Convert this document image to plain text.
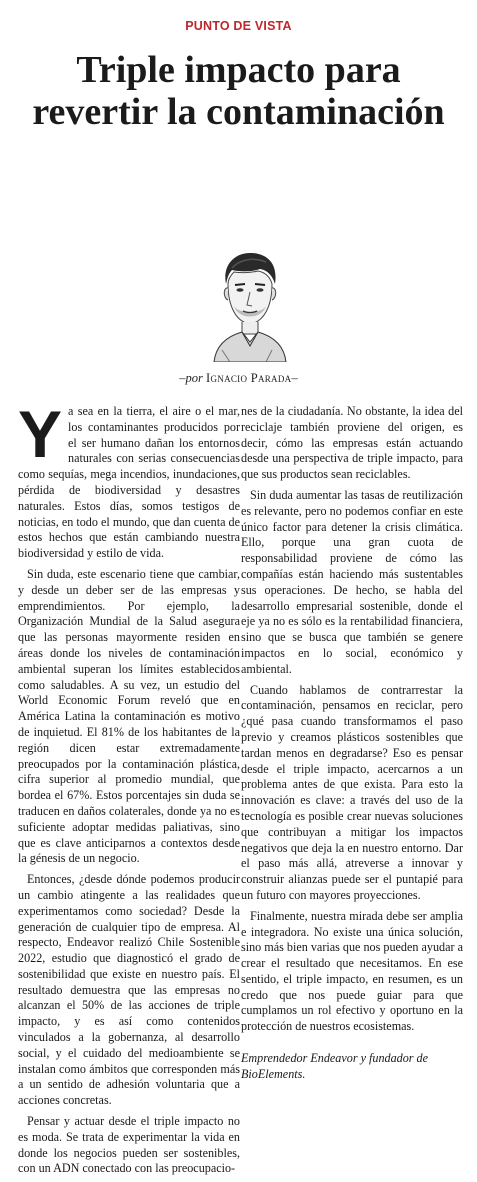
PUNTO DE VISTA
Triple impacto para revertir la contaminación
–por Ignacio Parada–

Ya sea en la tierra, el aire o el mar, los contaminantes producidos por el ser humano dañan los entornos naturales con serias consecuencias como sequías, mega incendios, inundaciones, pérdida de biodiversidad y desastres naturales. Estos días, somos testigos de noticias, en todo el mundo, que dan cuenta de estos hechos que están cambiando nuestra biodiversidad y estilo de vida.

Sin duda, este escenario tiene que cambiar, y desde un deber ser de las empresas y emprendimientos. Por ejemplo, la Organización Mundial de la Salud asegura que las personas mayormente residen en áreas donde los niveles de contaminación ambiental superan los límites establecidos como saludables. A su vez, un estudio del World Economic Forum reveló que en América Latina la contaminación es motivo de inquietud. El 81% de los habitantes de la región dicen estar extremadamente preocupados por la contaminación plástica, cifra superior al promedio mundial, que bordea el 67%. Estos porcentajes sin duda se traducen en daños colaterales, donde ya no es suficiente adoptar medidas paliativas, sino que es clave anticiparnos a contextos desde la génesis de un negocio.

Entonces, ¿desde dónde podemos producir un cambio atingente a las realidades que experimentamos como sociedad? Desde la generación de cualquier tipo de empresa. Al respecto, Endeavor realizó Chile Sostenible 2022, estudio que diagnosticó el grado de sostenibilidad que existe en nuestro país. El resultado demuestra que las empresas no alcanzan el 50% de las acciones de triple impacto, y es así como contenidos vinculados a la gobernanza, al desarrollo social, y el cuidado del medioambiente se instalan como ámbitos que corresponden más a un sentido de adhesión voluntaria que a acciones concretas.

Pensar y actuar desde el triple impacto no es moda. Se trata de experimentar la vida en donde los negocios pueden ser sostenibles, con un ADN conectado con las preocupacio-

nes de la ciudadanía. No obstante, la idea del reciclaje también proviene del origen, es decir, cómo las empresas están actuando desde una perspectiva de triple impacto, para que sus productos sean reciclables.

Sin duda aumentar las tasas de reutilización es relevante, pero no podemos confiar en este único factor para detener la crisis climática. Ello, porque una gran cuota de responsabilidad proviene de cómo las compañías están haciendo más sustentables sus operaciones. De hecho, se habla del desarrollo empresarial sostenible, donde el eje ya no es sólo es la rentabilidad financiera, sino que se busca que también se genere impactos en lo social, económico y ambiental.

Cuando hablamos de contrarrestar la contaminación, pensamos en reciclar, pero ¿qué pasa cuando transformamos el paso previo y creamos plásticos sostenibles que tardan menos en degradarse? Eso es pensar desde el triple impacto, acercarnos a un problema antes de que exista. Para esto la innovación es clave: a través del uso de la tecnología es posible crear nuevas soluciones que contribuyan a mitigar los impactos negativos que deja la en nuestro entorno. Dar el paso más allá, atreverse a innovar y construir alianzas puede ser el puntapié para un futuro con mayores proyecciones.

Finalmente, nuestra mirada debe ser amplia e integradora. No existe una única solución, sino más bien varias que nos pueden ayudar a crear el resultado que necesitamos. En ese sentido, el triple impacto, en resumen, es un credo que nos puede guiar para que cumplamos un rol efectivo y oportuno en la protección de nuestros ecosistemas.

Emprendedor Endeavor y fundador de BioElements.
